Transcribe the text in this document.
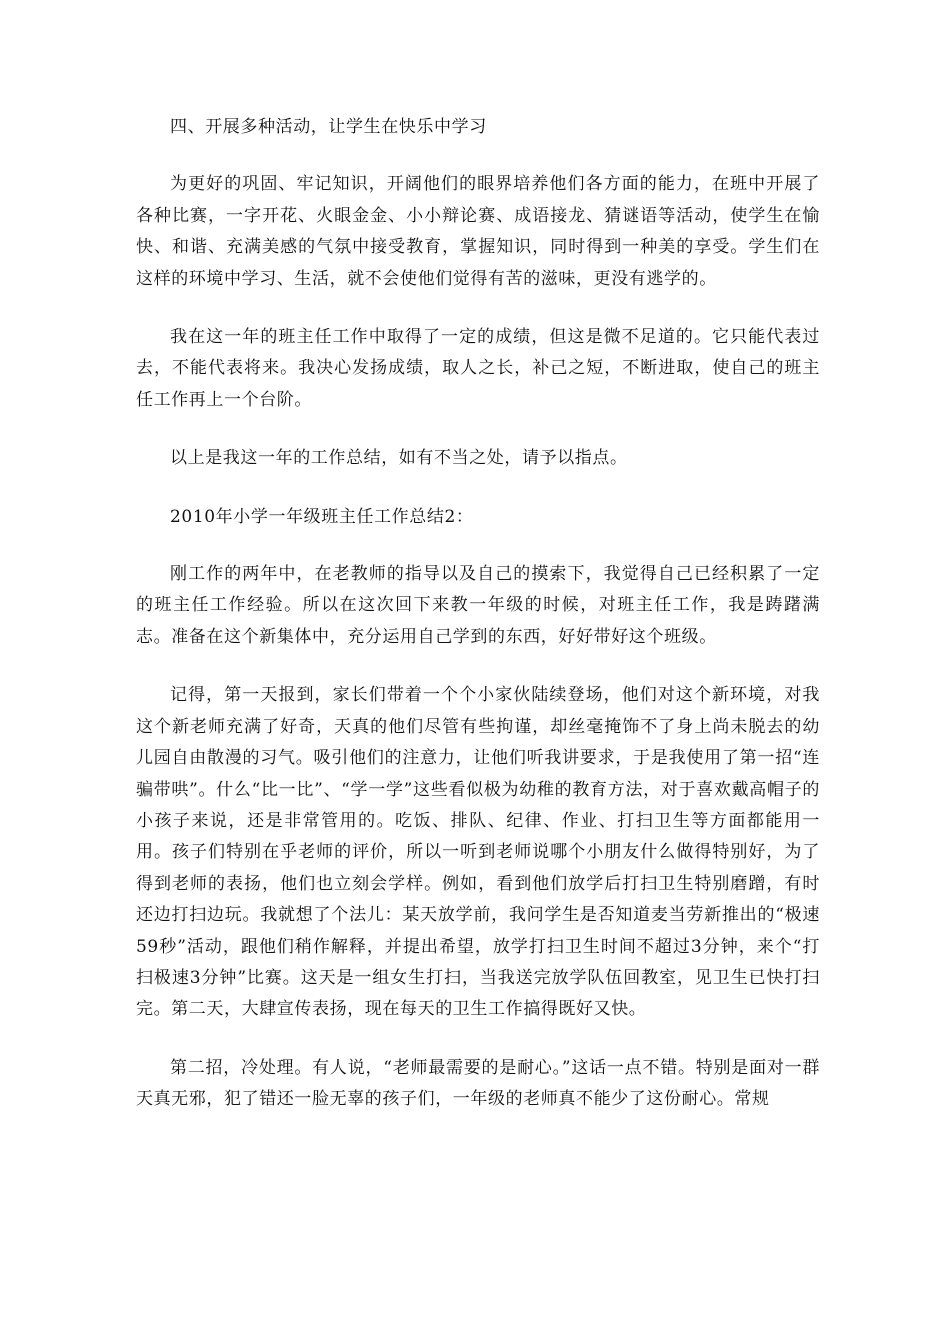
四、开展多种活动，让学生在快乐中学习

为更好的巩固、牢记知识，开阔他们的眼界培养他们各方面的能力，在班中开展了各种比赛，一字开花、火眼金金、小小辩论赛、成语接龙、猜谜语等活动，使学生在愉快、和谐、充满美感的气氛中接受教育，掌握知识，同时得到一种美的享受。学生们在这样的环境中学习、生活，就不会使他们觉得有苦的滋味，更没有逃学的。

我在这一年的班主任工作中取得了一定的成绩，但这是微不足道的。它只能代表过去，不能代表将来。我决心发扬成绩，取人之长，补己之短，不断进取，使自己的班主任工作再上一个台阶。

以上是我这一年的工作总结，如有不当之处，请予以指点。

2010年小学一年级班主任工作总结2：

刚工作的两年中，在老教师的指导以及自己的摸索下，我觉得自己已经积累了一定的班主任工作经验。所以在这次回下来教一年级的时候，对班主任工作，我是踌躇满志。准备在这个新集体中，充分运用自己学到的东西，好好带好这个班级。

记得，第一天报到，家长们带着一个个小家伙陆续登场，他们对这个新环境，对我这个新老师充满了好奇，天真的他们尽管有些拘谨，却丝毫掩饰不了身上尚未脱去的幼儿园自由散漫的习气。吸引他们的注意力，让他们听我讲要求，于是我使用了第一招“连骗带哄”。什么“比一比”、“学一学”这些看似极为幼稚的教育方法，对于喜欢戴高帽子的小孩子来说，还是非常管用的。吃饭、排队、纪律、作业、打扫卫生等方面都能用一用。孩子们特别在乎老师的评价，所以一听到老师说哪个小朋友什么做得特别好，为了得到老师的表扬，他们也立刻会学样。例如，看到他们放学后打扫卫生特别磨蹭，有时还边打扫边玩。我就想了个法儿：某天放学前，我问学生是否知道麦当劳新推出的“极速59秒”活动，跟他们稍作解释，并提出希望，放学打扫卫生时间不超过3分钟，来个“打扫极速3分钟”比赛。这天是一组女生打扫，当我送完放学队伍回教室，见卫生已快打扫完。第二天，大肆宣传表扬，现在每天的卫生工作搞得既好又快。

第二招，冷处理。有人说，“老师最需要的是耐心。”这话一点不错。特别是面对一群天真无邪，犯了错还一脸无辜的孩子们，一年级的老师真不能少了这份耐心。常规
